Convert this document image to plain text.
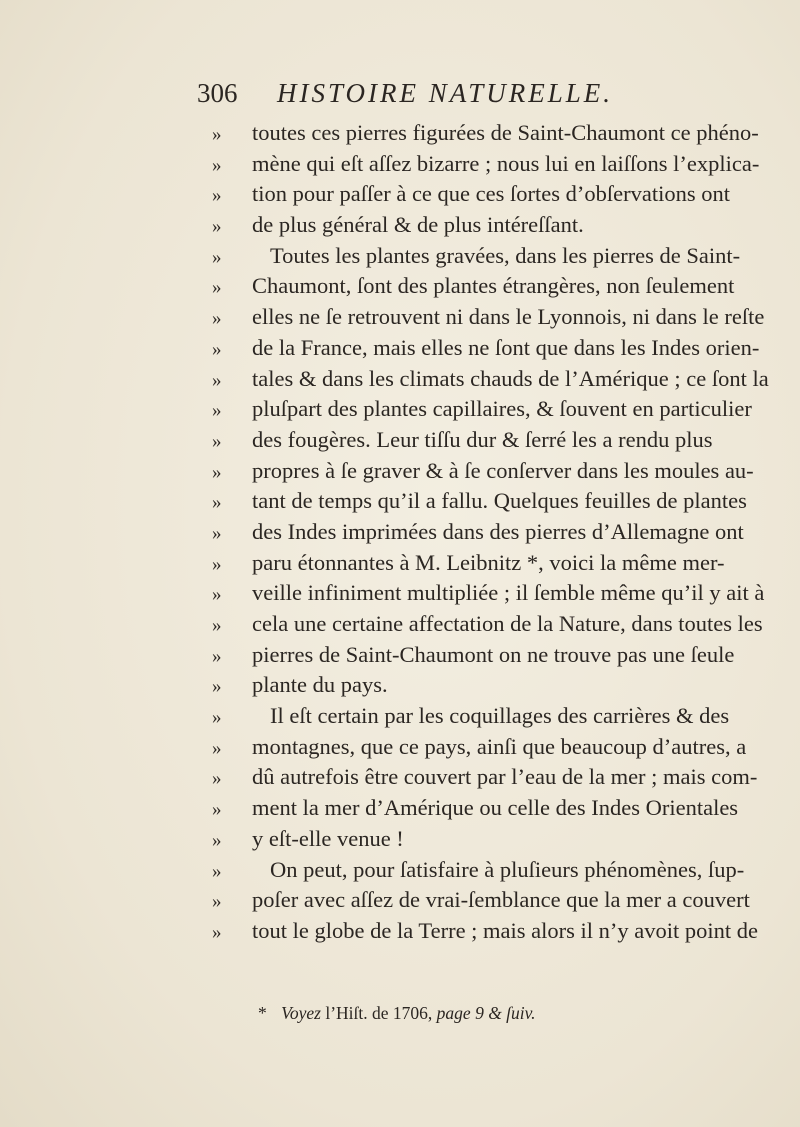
306 HISTOIRE NATURELLE.
»	toutes ces pierres figurées de Saint-Chaumont ce phéno-
»	mène qui eſt aſſez bizarre ; nous lui en laiſſons l’explica-
»	tion pour paſſer à ce que ces ſortes d’obſervations ont
»	de plus général & de plus intéreſſant.
»	Toutes les plantes gravées, dans les pierres de Saint-
»	Chaumont, ſont des plantes étrangères, non ſeulement
»	elles ne ſe retrouvent ni dans le Lyonnois, ni dans le reſte
»	de la France, mais elles ne ſont que dans les Indes orien-
»	tales & dans les climats chauds de l’Amérique ; ce ſont la
»	pluſpart des plantes capillaires, & ſouvent en particulier
»	des fougères. Leur tiſſu dur & ſerré les a rendu plus
»	propres à ſe graver & à ſe conſerver dans les moules au-
»	tant de temps qu’il a fallu. Quelques feuilles de plantes
»	des Indes imprimées dans des pierres d’Allemagne ont
»	paru étonnantes à M. Leibnitz *, voici la même mer-
»	veille infiniment multipliée ; il ſemble même qu’il y ait à
»	cela une certaine affectation de la Nature, dans toutes les
»	pierres de Saint-Chaumont on ne trouve pas une ſeule
»	plante du pays.
»	Il eſt certain par les coquillages des carrières & des
»	montagnes, que ce pays, ainſi que beaucoup d’autres, a
»	dû autrefois être couvert par l’eau de la mer ; mais com-
»	ment la mer d’Amérique ou celle des Indes Orientales
»	y eſt-elle venue !
»	On peut, pour ſatisfaire à pluſieurs phénomènes, ſup-
»	poſer avec aſſez de vrai-ſemblance que la mer a couvert
»	tout le globe de la Terre ; mais alors il n’y avoit point de
* Voyez l’Hiſt. de 1706, page 9 & ſuiv.
